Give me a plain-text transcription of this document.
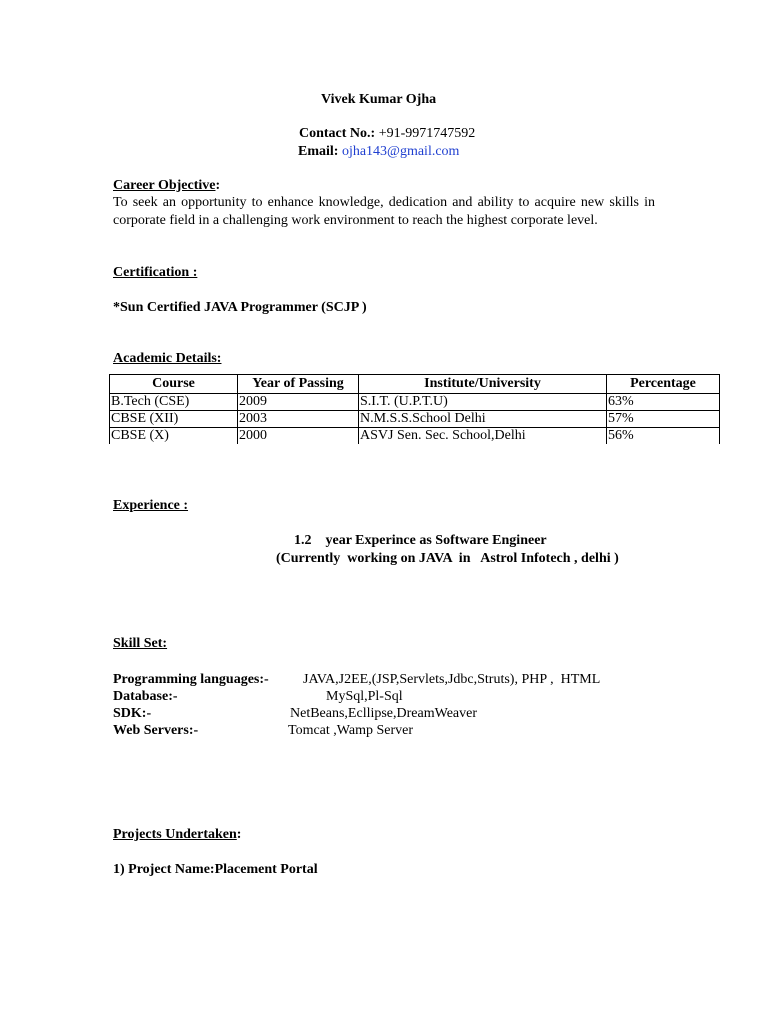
Vivek Kumar Ojha
Contact No.: +91-9971747592
Email: ojha143@gmail.com
Career Objective:
To seek an opportunity to enhance knowledge, dedication and ability to acquire new skills in corporate field in a challenging work environment to reach the highest corporate level.
Certification :
*Sun Certified JAVA Programmer (SCJP )
Academic Details:
Course	Year of Passing	Institute/University	Percentage
B.Tech (CSE)	2009	S.I.T. (U.P.T.U)	63%
CBSE (XII)	2003	N.M.S.S.School Delhi	57%
CBSE (X)	2000	ASVJ Sen. Sec. School,Delhi	56%
Experience :
1.2    year Experince as Software Engineer
(Currently  working on JAVA  in   Astrol Infotech , delhi )
Skill Set:
Programming languages:- JAVA,J2EE,(JSP,Servlets,Jdbc,Struts), PHP ,  HTML
Database:-	MySql,Pl-Sql
SDK:-	NetBeans,Ecllipse,DreamWeaver
Web Servers:-	Tomcat ,Wamp Server
Projects Undertaken:
1) Project Name:Placement Portal
